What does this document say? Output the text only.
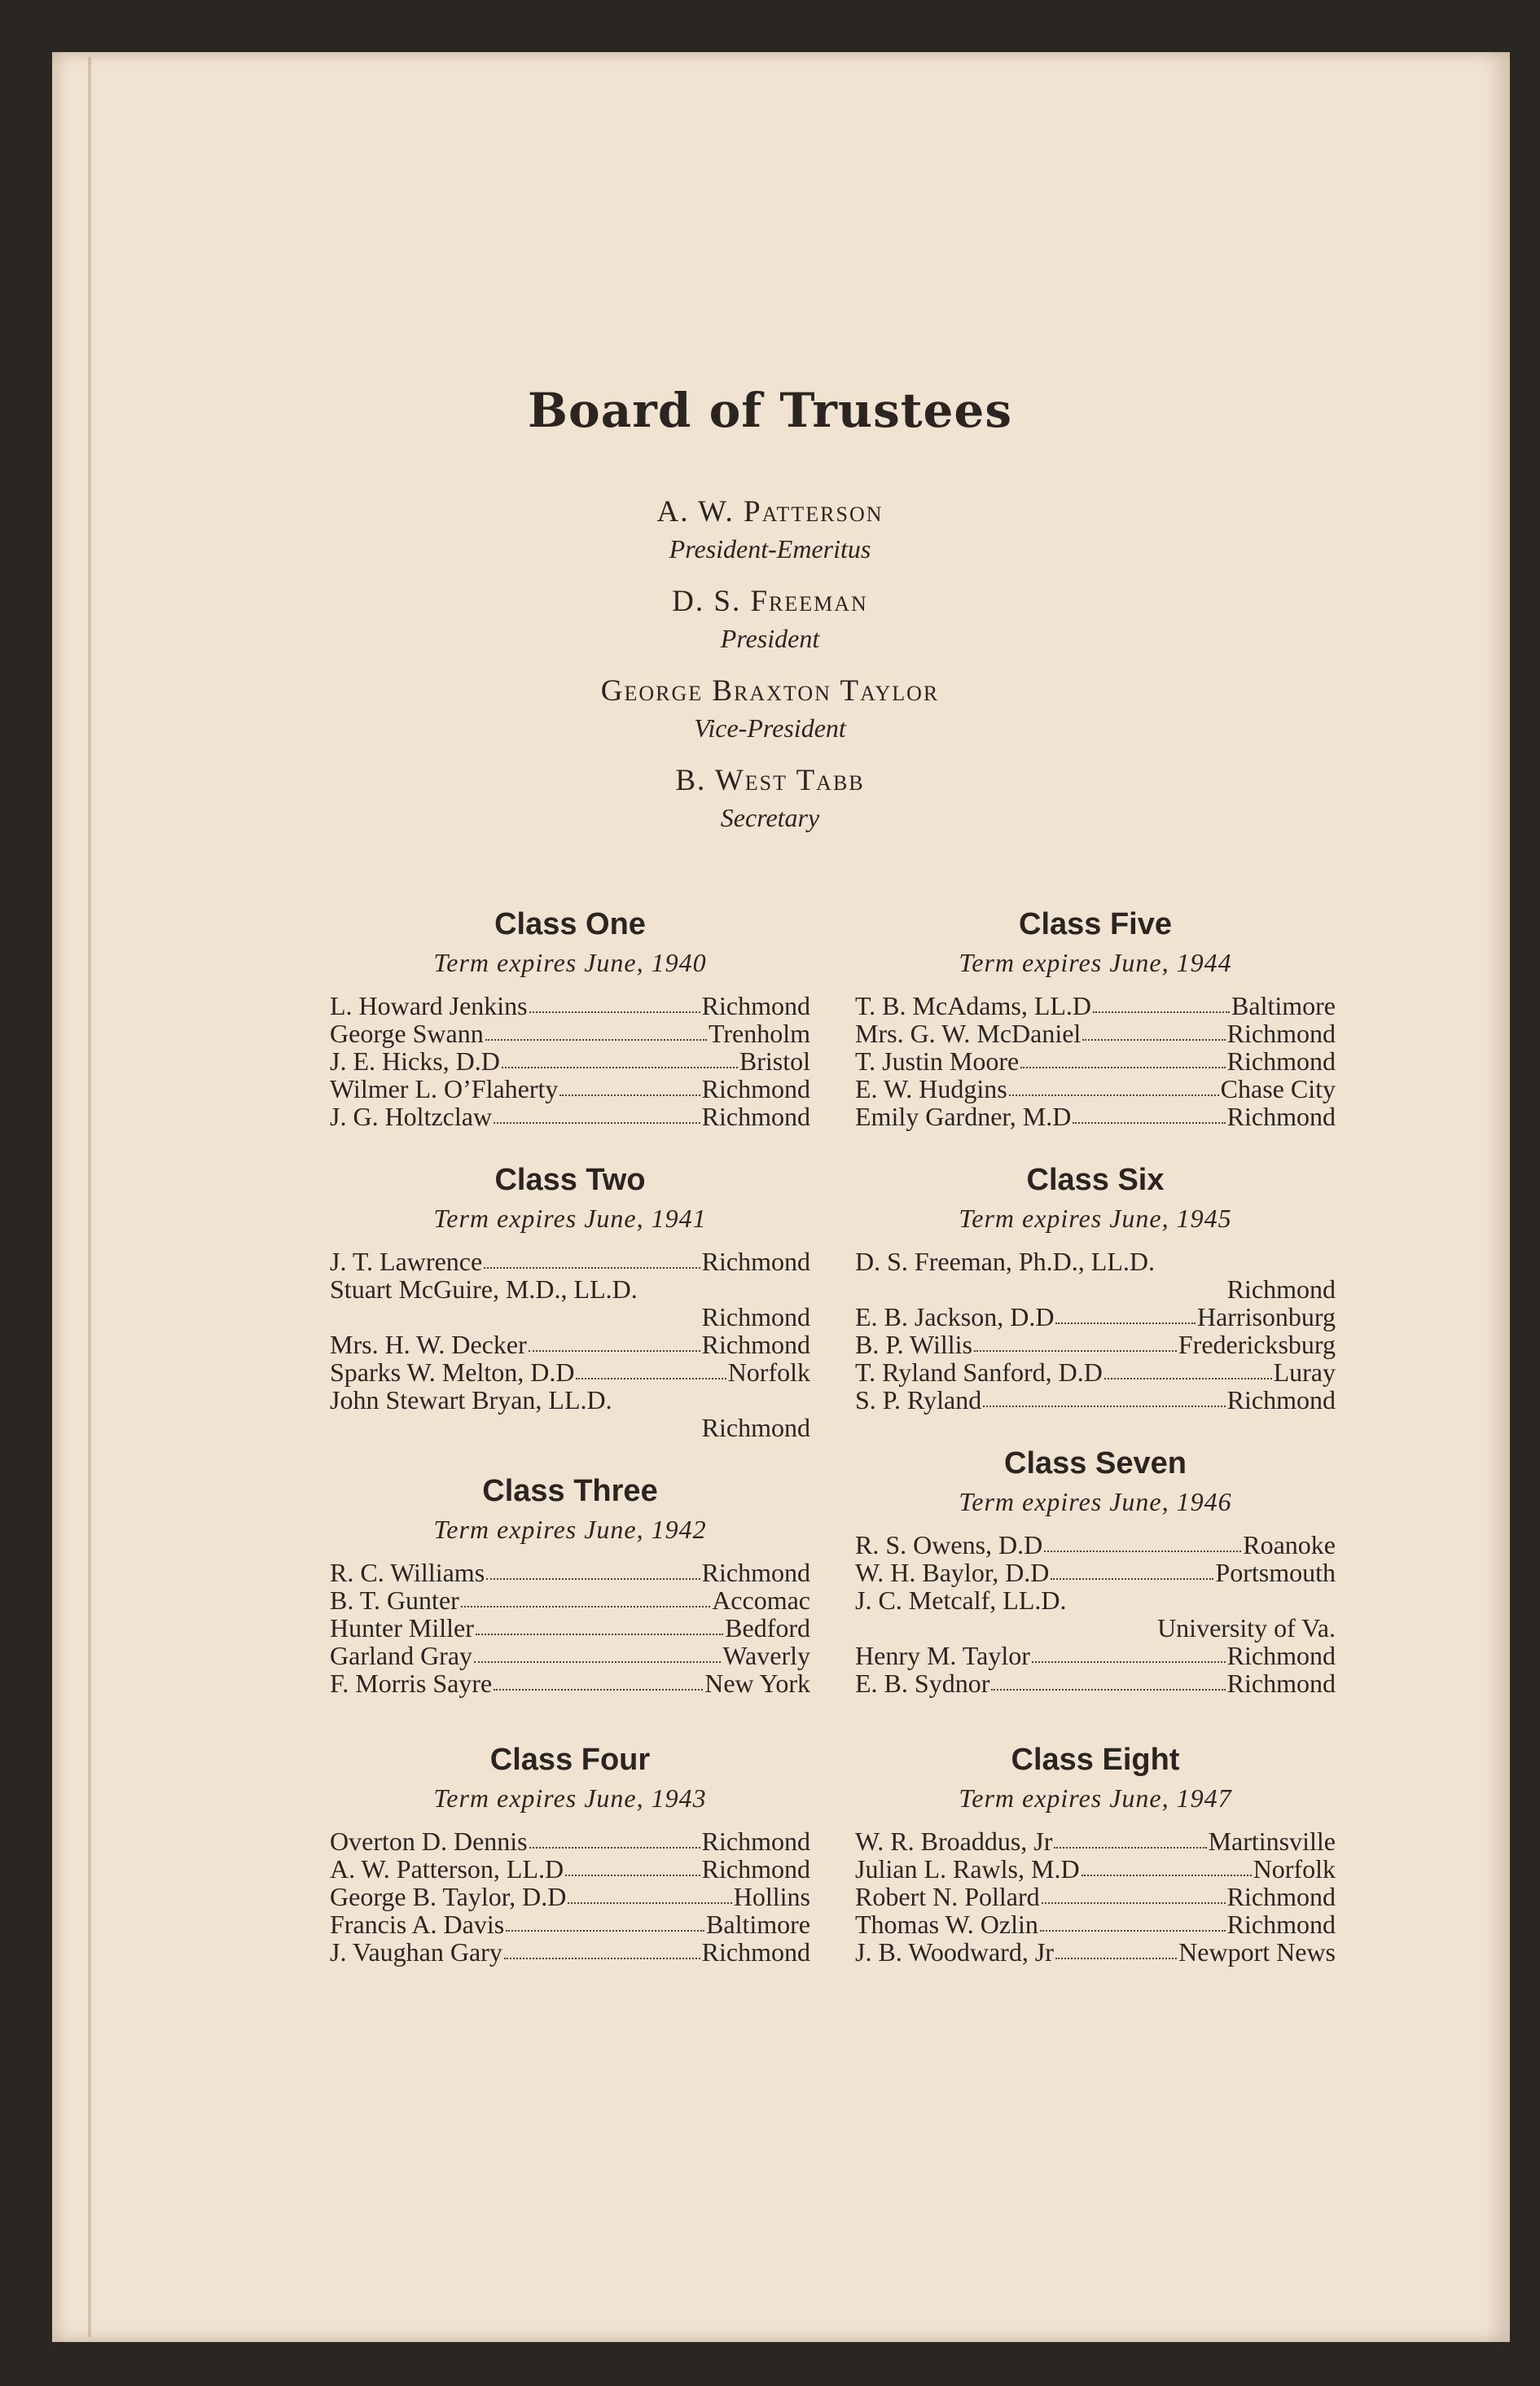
Board of Trustees
A. W. Patterson
President-Emeritus
D. S. Freeman
President
George Braxton Taylor
Vice-President
B. West Tabb
Secretary
Class One
Term expires June, 1940
L. Howard Jenkins	Richmond
George Swann	Trenholm
J. E. Hicks, D.D	Bristol
Wilmer L. O’Flaherty	Richmond
J. G. Holtzclaw	Richmond
Class Two
Term expires June, 1941
J. T. Lawrence	Richmond
Stuart McGuire, M.D., LL.D.
Richmond
Mrs. H. W. Decker	Richmond
Sparks W. Melton, D.D	Norfolk
John Stewart Bryan, LL.D.
Richmond
Class Three
Term expires June, 1942
R. C. Williams	Richmond
B. T. Gunter	Accomac
Hunter Miller	Bedford
Garland Gray	Waverly
F. Morris Sayre	New York
Class Four
Term expires June, 1943
Overton D. Dennis	Richmond
A. W. Patterson, LL.D	Richmond
George B. Taylor, D.D	Hollins
Francis A. Davis	Baltimore
J. Vaughan Gary	Richmond
Class Five
Term expires June, 1944
T. B. McAdams, LL.D	Baltimore
Mrs. G. W. McDaniel	Richmond
T. Justin Moore	Richmond
E. W. Hudgins	Chase City
Emily Gardner, M.D	Richmond
Class Six
Term expires June, 1945
D. S. Freeman, Ph.D., LL.D.
Richmond
E. B. Jackson, D.D	Harrisonburg
B. P. Willis	Fredericksburg
T. Ryland Sanford, D.D	Luray
S. P. Ryland	Richmond
Class Seven
Term expires June, 1946
R. S. Owens, D.D	Roanoke
W. H. Baylor, D.D	Portsmouth
J. C. Metcalf, LL.D.
University of Va.
Henry M. Taylor	Richmond
E. B. Sydnor	Richmond
Class Eight
Term expires June, 1947
W. R. Broaddus, Jr	Martinsville
Julian L. Rawls, M.D	Norfolk
Robert N. Pollard	Richmond
Thomas W. Ozlin	Richmond
J. B. Woodward, Jr	Newport News
